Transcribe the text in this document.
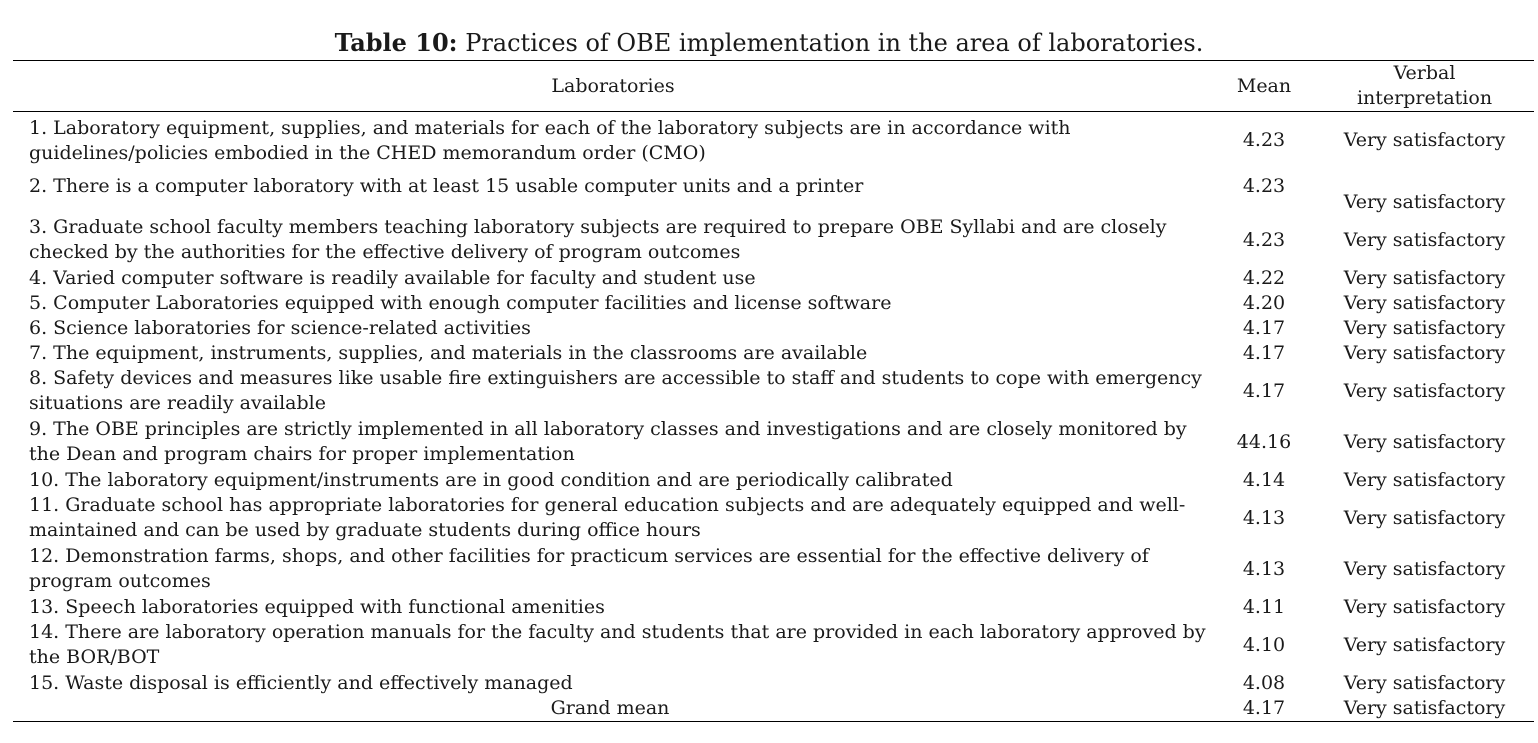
Table 10: Practices of OBE implementation in the area of laboratories.
Laboratories	Mean	Verbal
interpretation
1. Laboratory equipment, supplies, and materials for each of the laboratory subjects are in accordance with guidelines/policies embodied in the CHED memorandum order (CMO)	4.23	Very satisfactory
2. There is a computer laboratory with at least 15 usable computer units and a printer	4.23	Very satisfactory

3. Graduate school faculty members teaching laboratory subjects are required to prepare OBE Syllabi and are closely checked by the authorities for the effective delivery of program outcomes	4.23	Very satisfactory
4. Varied computer software is readily available for faculty and student use	4.22	Very satisfactory
5. Computer Laboratories equipped with enough computer facilities and license software	4.20	Very satisfactory
6. Science laboratories for science-related activities	4.17	Very satisfactory
7. The equipment, instruments, supplies, and materials in the classrooms are available	4.17	Very satisfactory
8. Safety devices and measures like usable fire extinguishers are accessible to staff and students to cope with emergency situations are readily available	4.17	Very satisfactory
9. The OBE principles are strictly implemented in all laboratory classes and investigations and are closely monitored by the Dean and program chairs for proper implementation	44.16	Very satisfactory
10. The laboratory equipment/instruments are in good condition and are periodically calibrated	4.14	Very satisfactory
11. Graduate school has appropriate laboratories for general education subjects and are adequately equipped and well-maintained and can be used by graduate students during office hours	4.13	Very satisfactory
12. Demonstration farms, shops, and other facilities for practicum services are essential for the effective delivery of program outcomes	4.13	Very satisfactory
13. Speech laboratories equipped with functional amenities	4.11	Very satisfactory
14. There are laboratory operation manuals for the faculty and students that are provided in each laboratory approved by the BOR/BOT	4.10	Very satisfactory
15. Waste disposal is efficiently and effectively managed	4.08	Very satisfactory
Grand mean	4.17	Very satisfactory
